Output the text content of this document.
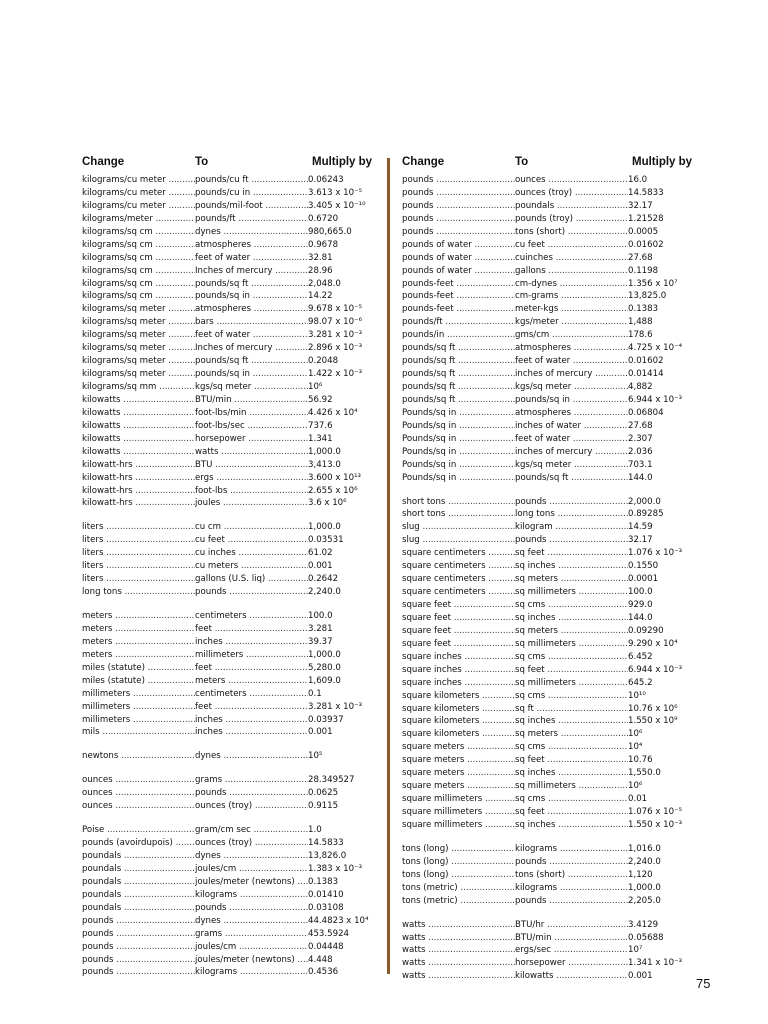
Change	To	Multiply by
kilograms/cu meter .....	pounds/cu ft .....	0.06243
kilograms/cu meter .....	pounds/cu in .....	3.613 x 10⁻⁵
kilograms/cu meter .....	pounds/mil-foot .....	3.405 x 10⁻¹⁰
kilograms/meter .....	pounds/ft .....	0.6720
kilograms/sq cm .....	dynes .....	980,665.0
kilograms/sq cm .....	atmospheres .....	0.9678
kilograms/sq cm .....	feet of water .....	32.81
kilograms/sq cm .....	Inches of mercury .....	28.96
kilograms/sq cm .....	pounds/sq ft .....	2,048.0
kilograms/sq cm .....	pounds/sq in .....	14.22
kilograms/sq meter .....	atmospheres .....	9.678 x 10⁻⁵
kilograms/sq meter .....	bars .....	98.07 x 10⁻⁶
kilograms/sq meter .....	feet of water .....	3.281 x 10⁻³
kilograms/sq meter .....	Inches of mercury .....	2.896 x 10⁻³
kilograms/sq meter .....	pounds/sq ft .....	0.2048
kilograms/sq meter .....	pounds/sq in .....	1.422 x 10⁻³
kilograms/sq mm .....	kgs/sq meter .....	10⁶
kilowatts .....	BTU/min .....	56.92
kilowatts .....	foot-lbs/min .....	4.426 x 10⁴
kilowatts .....	foot-lbs/sec .....	737.6
kilowatts .....	horsepower .....	1.341
kilowatts .....	watts .....	1,000.0
kilowatt-hrs .....	BTU .....	3,413.0
kilowatt-hrs .....	ergs .....	3.600 x 10¹³
kilowatt-hrs .....	foot-lbs .....	2.655 x 10⁶
kilowatt-hrs .....	joules .....	3.6 x 10⁶
liters .....	cu cm .....	1,000.0
liters .....	cu feet .....	0.03531
liters .....	cu inches .....	61.02
liters .....	cu meters .....	0.001
liters .....	gallons (U.S. liq) .....	0.2642
long tons .....	pounds .....	2,240.0
meters .....	centimeters .....	100.0
meters .....	feet .....	3.281
meters .....	inches .....	39.37
meters .....	millimeters .....	1,000.0
miles (statute) .....	feet .....	5,280.0
miles (statute) .....	meters .....	1,609.0
millimeters .....	centimeters .....	0.1
millimeters .....	feet .....	3.281 x 10⁻³
millimeters .....	inches .....	0.03937
mils .....	inches .....	0.001
newtons .....	dynes .....	10⁵
ounces .....	grams .....	28.349527
ounces .....	pounds .....	0.0625
ounces .....	ounces (troy) .....	0.9115
Poise .....	gram/cm sec .....	1.0
pounds (avoirdupois) .....	ounces (troy) .....	14.5833
poundals .....	dynes .....	13,826.0
poundals .....	joules/cm .....	1.383 x 10⁻³
poundals .....	joules/meter (newtons) .....	0.1383
poundals .....	kilograms .....	0.01410
poundals .....	pounds .....	0.03108
pounds .....	dynes .....	44.4823 x 10⁴
pounds .....	grams .....	453.5924
pounds .....	joules/cm .....	0.04448
pounds .....	joules/meter (newtons) .....	4.448
pounds .....	kilograms .....	0.4536
Change	To	Multiply by
pounds .....	ounces .....	16.0
pounds .....	ounces (troy) .....	14.5833
pounds .....	poundals .....	32.17
pounds .....	pounds (troy) .....	1.21528
pounds .....	tons (short) .....	0.0005
pounds of water .....	cu feet .....	0.01602
pounds of water .....	cuinches .....	27.68
pounds of water .....	gallons .....	0.1198
pounds-feet .....	cm-dynes .....	1.356 x 10⁷
pounds-feet .....	cm-grams .....	13,825.0
pounds-feet .....	meter-kgs .....	0.1383
pounds/ft .....	kgs/meter .....	1,488
pounds/in .....	gms/cm .....	178.6
pounds/sq ft .....	atmospheres .....	4.725 x 10⁻⁴
pounds/sq ft .....	feet of water .....	0.01602
pounds/sq ft .....	inches of mercury .....	0.01414
pounds/sq ft .....	kgs/sq meter .....	4,882
pounds/sq ft .....	pounds/sq in .....	6.944 x 10⁻³
Pounds/sq in .....	atmospheres .....	0.06804
Pounds/sq in .....	inches of water .....	27.68
Pounds/sq in .....	feet of water .....	2.307
Pounds/sq in .....	inches of mercury .....	2.036
Pounds/sq in .....	kgs/sq meter .....	703.1
Pounds/sq in .....	pounds/sq ft .....	144.0
short tons .....	pounds .....	2,000.0
short tons .....	long tons .....	0.89285
slug .....	kilogram .....	14.59
slug .....	pounds .....	32.17
square centimeters .....	sq feet .....	1.076 x 10⁻³
square centimeters .....	sq inches .....	0.1550
square centimeters .....	sq meters .....	0.0001
square centimeters .....	sq millimeters .....	100.0
square feet .....	sq cms .....	929.0
square feet .....	sq inches .....	144.0
square feet .....	sq meters .....	0.09290
square feet .....	sq millimeters .....	9.290 x 10⁴
square inches .....	sq cms .....	6.452
square inches .....	sq feet .....	6.944 x 10⁻³
square inches .....	sq millimeters .....	645.2
square kilometers .....	sq cms .....	10¹⁰
square kilometers .....	sq ft .....	10.76 x 10⁶
square kilometers .....	sq inches .....	1.550 x 10⁹
square kilometers .....	sq meters .....	10⁶
square meters .....	sq cms .....	10⁴
square meters .....	sq feet .....	10.76
square meters .....	sq inches .....	1,550.0
square meters .....	sq millimeters .....	10⁶
square millimeters .....	sq cms .....	0.01
square millimeters .....	sq feet .....	1.076 x 10⁻⁵
square millimeters .....	sq inches .....	1.550 x 10⁻³
tons (long) .....	kilograms .....	1,016.0
tons (long) .....	pounds .....	2,240.0
tons (long) .....	tons (short) .....	1,120
tons (metric) .....	kilograms .....	1,000.0
tons (metric) .....	pounds .....	2,205.0
watts .....	BTU/hr .....	3.4129
watts .....	BTU/min .....	0.05688
watts .....	ergs/sec .....	10⁷
watts .....	horsepower .....	1.341 x 10⁻³
watts .....	kilowatts .....	0.001	75
